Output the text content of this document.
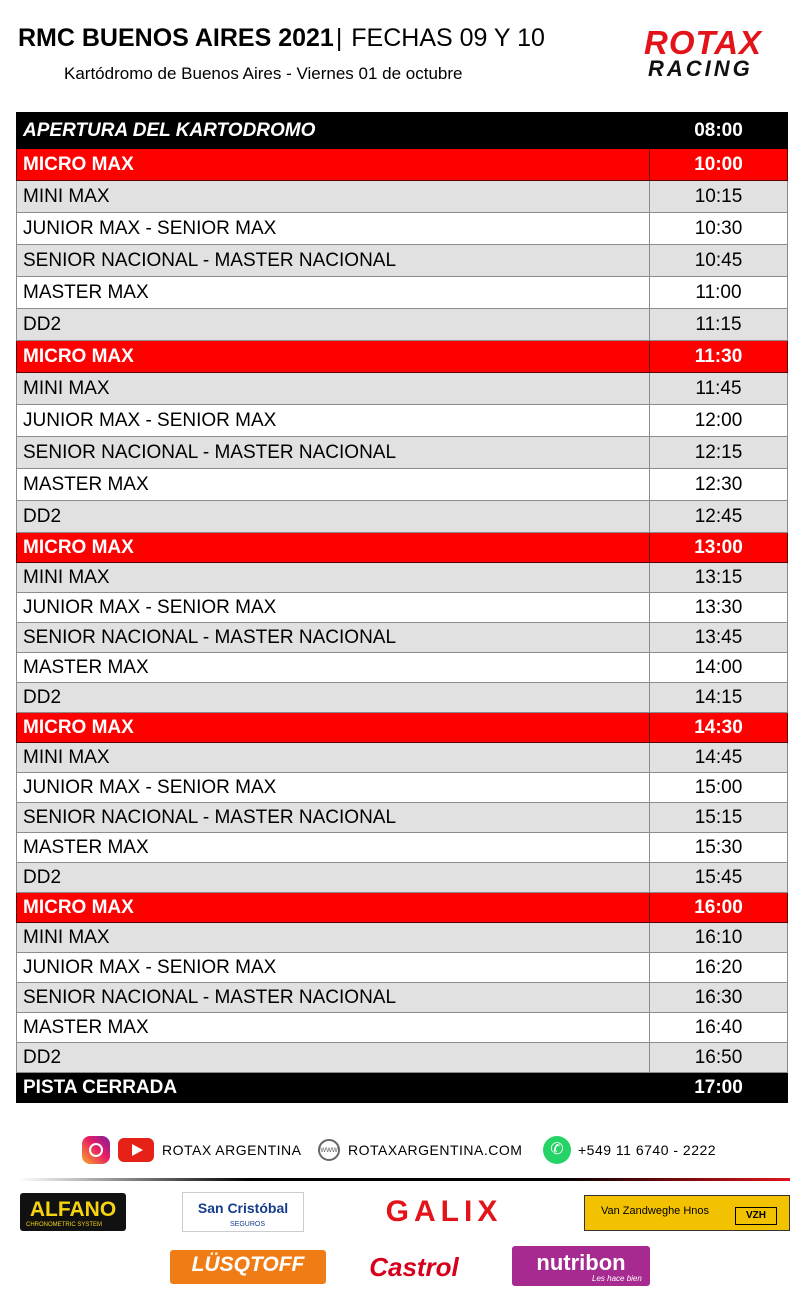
RMC BUENOS AIRES 2021| FECHAS 09 Y 10
Kartódromo de Buenos Aires - Viernes 01 de octubre
ROTAX
RACING
APERTURA DEL KARTODROMO	08:00
MICRO MAX	10:00
MINI MAX	10:15
JUNIOR MAX - SENIOR MAX	10:30
SENIOR NACIONAL - MASTER NACIONAL	10:45
MASTER MAX	11:00
DD2	11:15
MICRO MAX	11:30
MINI MAX	11:45
JUNIOR MAX - SENIOR MAX	12:00
SENIOR NACIONAL - MASTER NACIONAL	12:15
MASTER MAX	12:30
DD2	12:45
MICRO MAX	13:00
MINI MAX	13:15
JUNIOR MAX - SENIOR MAX	13:30
SENIOR NACIONAL - MASTER NACIONAL	13:45
MASTER MAX	14:00
DD2	14:15
MICRO MAX	14:30
MINI MAX	14:45
JUNIOR MAX - SENIOR MAX	15:00
SENIOR NACIONAL - MASTER NACIONAL	15:15
MASTER MAX	15:30
DD2	15:45
MICRO MAX	16:00
MINI MAX	16:10
JUNIOR MAX - SENIOR MAX	16:20
SENIOR NACIONAL - MASTER NACIONAL	16:30
MASTER MAX	16:40
DD2	16:50
PISTA CERRADA	17:00
ROTAX ARGENTINA www ROTAXARGENTINA.COM	✆	+549 11 6740 - 2222
ALFANO
CHRONOMETRIC SYSTEM
San Cristóbal
SEGUROS	GALIX	Van Zandweghe Hnos	VZH
LÜSQTOFF	Castrol	nutribon
Les hace bien
